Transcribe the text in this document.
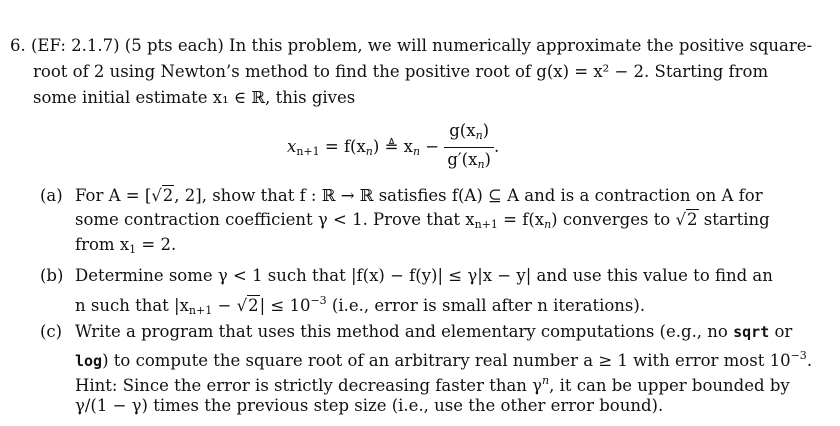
6. (EF: 2.1.7) (5 pts each) In this problem, we will numerically approximate the positive square-
root of 2 using Newton’s method to find the positive root of g(x) = x² − 2. Starting from
some initial estimate x₁ ∈ ℝ, this gives
$x_{n+1} = f(xn)$ ≜ xn − $\frac{g(xn)}{g'(xn)}$ .
(a) For A = [√2, 2], show that f : ℝ → ℝ satisfies f(A) ⊆ A and is a contraction on A for
some contraction coefficient γ < 1. Prove that $x_{n+1} = f(xn)$ converges to √2 starting
from $x_1 = 2$.
(b) Determine some γ < 1 such that |f(x) − f(y)| ≤ γ|x − y| and use this value to find an
n such that $|x_{n+1} - √2| \le 10^{-3}$ (i.e., error is small after n iterations).
(c) Write a program that uses this method and elementary computations (e.g., no sqrt or
log) to compute the square root of an arbitrary real number a ≥ 1 with error most $10^{-3}$.
Hint: Since the error is strictly decreasing faster than $\gamma^n$, it can be upper bounded by
γ/(1 − γ) times the previous step size (i.e., use the other error bound).
